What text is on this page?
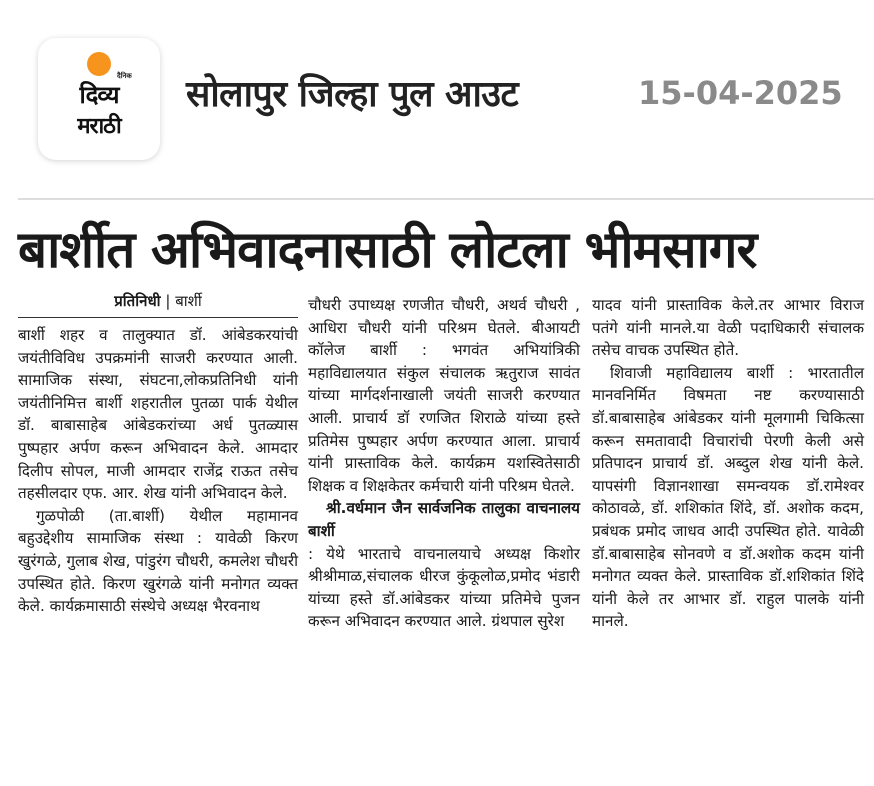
दैनिक
दिव्य
मराठी
सोलापुर जिल्हा पुल आउट	15-04-2025
बार्शीत अभिवादनासाठी लोटला भीमसागर
प्रतिनिधी | बार्शी
बार्शी शहर व तालुक्यात डॉ. आंबेडकरयांची जयंतीविविध उपक्रमांनी साजरी करण्यात आली. सामाजिक संस्था, संघटना,लोकप्रतिनिधी यांनी जयंतीनिमित्त बार्शी शहरातील पुतळा पार्क येथील डॉ. बाबासाहेब आंबेडकरांच्या अर्ध पुतळ्यास पुष्पहार अर्पण करून अभिवादन केले. आमदार दिलीप सोपल, माजी आमदार राजेंद्र राऊत तसेच तहसीलदार एफ. आर. शेख यांनी अभिवादन केले.
गुळपोळी (ता.बार्शी) येथील महामानव बहुउद्देशीय सामाजिक संस्था : यावेळी किरण खुरंगळे, गुलाब शेख, पांडुरंग चौधरी, कमलेश चौधरी उपस्थित होते. किरण खुरंगळे यांनी मनोगत व्यक्त केले. कार्यक्रमासाठी संस्थेचे अध्यक्ष भैरवनाथ
चौधरी उपाध्यक्ष रणजीत चौधरी, अथर्व चौधरी , आधिरा चौधरी यांनी परिश्रम घेतले. बीआयटी कॉलेज बार्शी : भगवंत अभियांत्रिकी महाविद्यालयात संकुल संचालक ऋतुराज सावंत यांच्या मार्गदर्शनाखाली जयंती साजरी करण्यात आली. प्राचार्य डॉ रणजित शिराळे यांच्या हस्ते प्रतिमेस पुष्पहार अर्पण करण्यात आला. प्राचार्य यांनी प्रास्ताविक केले. कार्यक्रम यशस्वितेसाठी शिक्षक व शिक्षकेतर कर्मचारी यांनी परिश्रम घेतले.
श्री.वर्धमान जैन सार्वजनिक तालुका वाचनालय बार्शी
: येथे भारताचे वाचनालयाचे अध्यक्ष किशोर श्रीश्रीमाळ,संचालक धीरज कुंकूलोळ,प्रमोद भंडारी यांच्या हस्ते डॉ.आंबेडकर यांच्या प्रतिमेचे पुजन करून अभिवादन करण्यात आले. ग्रंथपाल सुरेश
यादव यांनी प्रास्ताविक केले.तर आभार विराज पतंगे यांनी मानले.या वेळी पदाधिकारी संचालक तसेच वाचक उपस्थित होते.
शिवाजी महाविद्यालय बार्शी : भारतातील मानवनिर्मित विषमता नष्ट करण्यासाठी डॉ.बाबासाहेब आंबेडकर यांनी मूलगामी चिकित्सा करून समतावादी विचारांची पेरणी केली असे प्रतिपादन प्राचार्य डॉ. अब्दुल शेख यांनी केले. यापसंगी विज्ञानशाखा समन्वयक डॉ.रामेश्वर कोठावळे, डॉ. शशिकांत शिंदे, डॉ. अशोक कदम, प्रबंधक प्रमोद जाधव आदी उपस्थित होते. यावेळी डॉ.बाबासाहेब सोनवणे व डॉ.अशोक कदम यांनी मनोगत व्यक्त केले. प्रास्ताविक डॉ.शशिकांत शिंदे यांनी केले तर आभार डॉ. राहुल पालके यांनी मानले.
